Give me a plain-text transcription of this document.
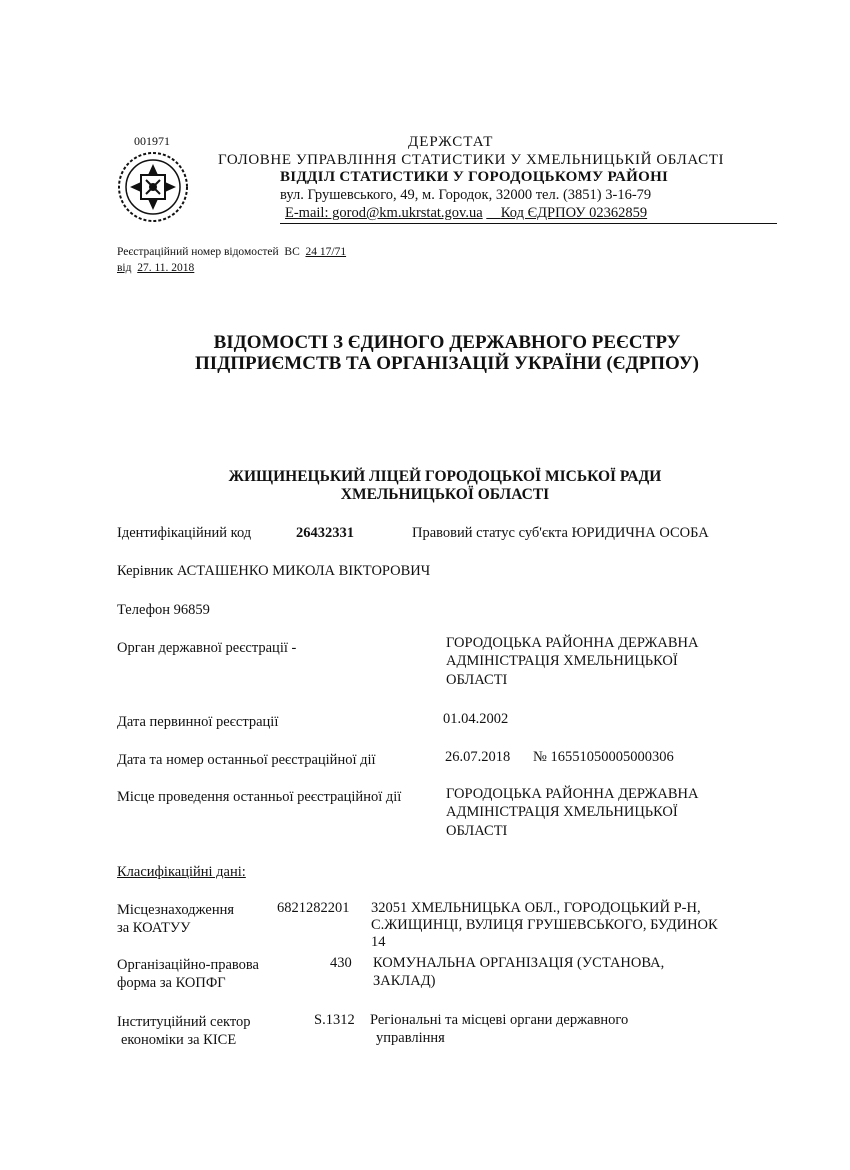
001971	ДЕРЖСТАТ
ГОЛОВНЕ УПРАВЛІННЯ СТАТИСТИКИ У ХМЕЛЬНИЦЬКІЙ ОБЛАСТІ
ВІДДІЛ СТАТИСТИКИ У ГОРОДОЦЬКОМУ РАЙОНІ
вул. Грушевського, 49, м. Городок, 32000 тел. (3851) 3-16-79
E-mail: gorod@km.ukrstat.gov.ua Код ЄДРПОУ 02362859
Реєстраційний номер відомостей ВС 24 17/71
від 27. 11. 2018
ВІДОМОСТІ З ЄДИНОГО ДЕРЖАВНОГО РЕЄСТРУ
ПІДПРИЄМСТВ ТА ОРГАНІЗАЦІЙ УКРАЇНИ (ЄДРПОУ)
ЖИЩИНЕЦЬКИЙ ЛІЦЕЙ ГОРОДОЦЬКОЇ МІСЬКОЇ РАДИ
ХМЕЛЬНИЦЬКОЇ ОБЛАСТІ
Ідентифікаційний код	26432331	Правовий статус суб'єкта ЮРИДИЧНА ОСОБА
Керівник АСТАШЕНКО МИКОЛА ВІКТОРОВИЧ
Телефон 96859
Орган державної реєстрації -	ГОРОДОЦЬКА РАЙОННА ДЕРЖАВНА
АДМІНІСТРАЦІЯ ХМЕЛЬНИЦЬКОЇ
ОБЛАСТІ
Дата первинної реєстрації	01.04.2002
Дата та номер останньої реєстраційної дії	26.07.2018 № 16551050005000306
Місце проведення останньої реєстраційної дії	ГОРОДОЦЬКА РАЙОННА ДЕРЖАВНА
АДМІНІСТРАЦІЯ ХМЕЛЬНИЦЬКОЇ
ОБЛАСТІ
Класифікаційні дані:
Місцезнаходження
за КОАТУУ
6821282201 32051 ХМЕЛЬНИЦЬКА ОБЛ., ГОРОДОЦЬКИЙ Р-Н,
С.ЖИЩИНЦІ, ВУЛИЦЯ ГРУШЕВСЬКОГО, БУДИНОК
14
Організаційно-правова
форма за КОПФГ
430 КОМУНАЛЬНА ОРГАНІЗАЦІЯ (УСТАНОВА,
ЗАКЛАД)
Інституційний сектор
економіки за КІСЕ
S.1312 Регіональні та місцеві органи державного
управління
